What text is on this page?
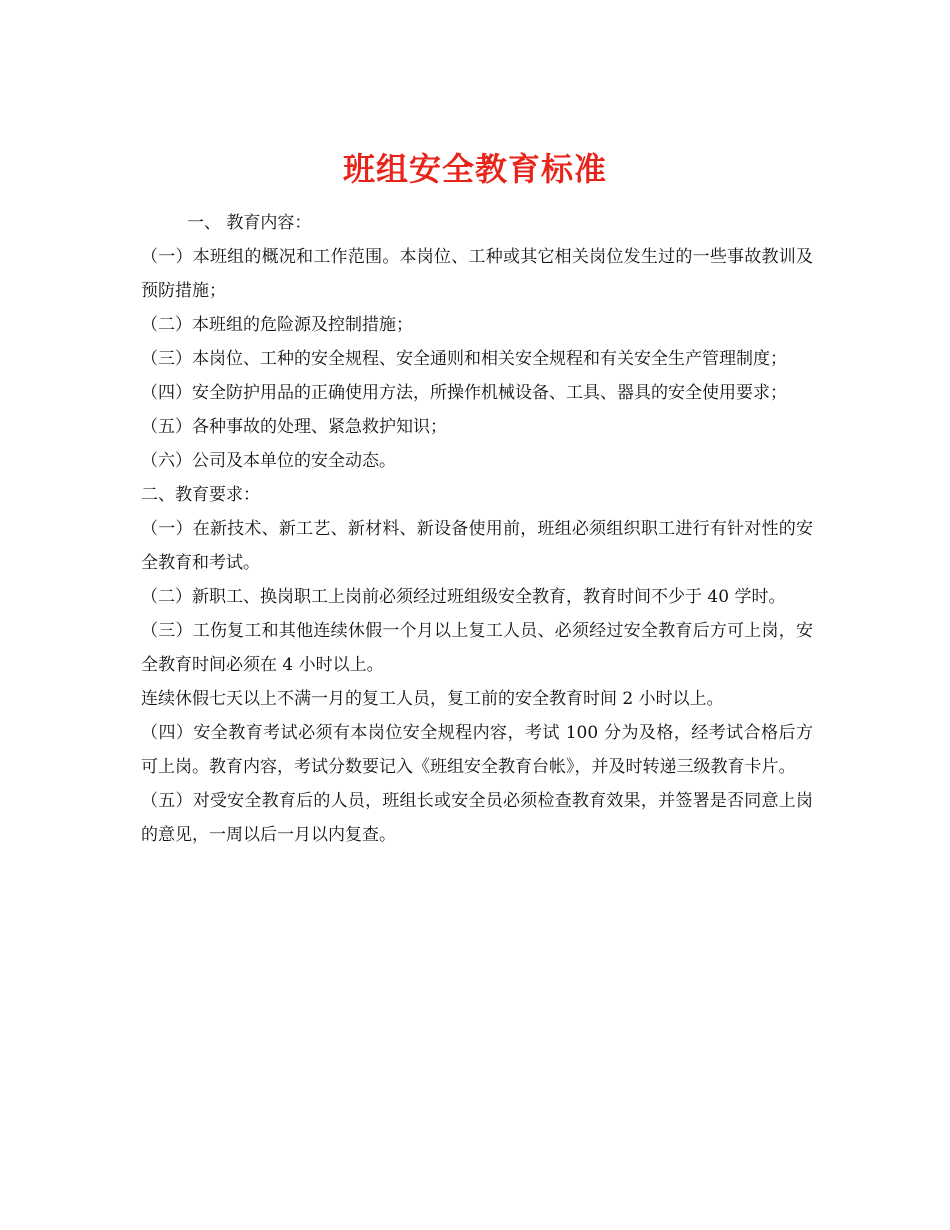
班组安全教育标准

一、 教育内容：

（一）本班组的概况和工作范围。本岗位、工种或其它相关岗位发生过的一些事故教训及预防措施；

（二）本班组的危险源及控制措施；

（三）本岗位、工种的安全规程、安全通则和相关安全规程和有关安全生产管理制度；

（四）安全防护用品的正确使用方法，所操作机械设备、工具、器具的安全使用要求；

（五）各种事故的处理、紧急救护知识；

（六）公司及本单位的安全动态。

二、教育要求：

（一）在新技术、新工艺、新材料、新设备使用前，班组必须组织职工进行有针对性的安全教育和考试。

（二）新职工、换岗职工上岗前必须经过班组级安全教育，教育时间不少于 40 学时。

（三）工伤复工和其他连续休假一个月以上复工人员、必须经过安全教育后方可上岗，安全教育时间必须在 4 小时以上。

连续休假七天以上不满一月的复工人员，复工前的安全教育时间 2 小时以上。

（四）安全教育考试必须有本岗位安全规程内容，考试 100 分为及格，经考试合格后方可上岗。教育内容，考试分数要记入《班组安全教育台帐》，并及时转递三级教育卡片。

（五）对受安全教育后的人员，班组长或安全员必须检查教育效果，并签署是否同意上岗的意见，一周以后一月以内复查。
